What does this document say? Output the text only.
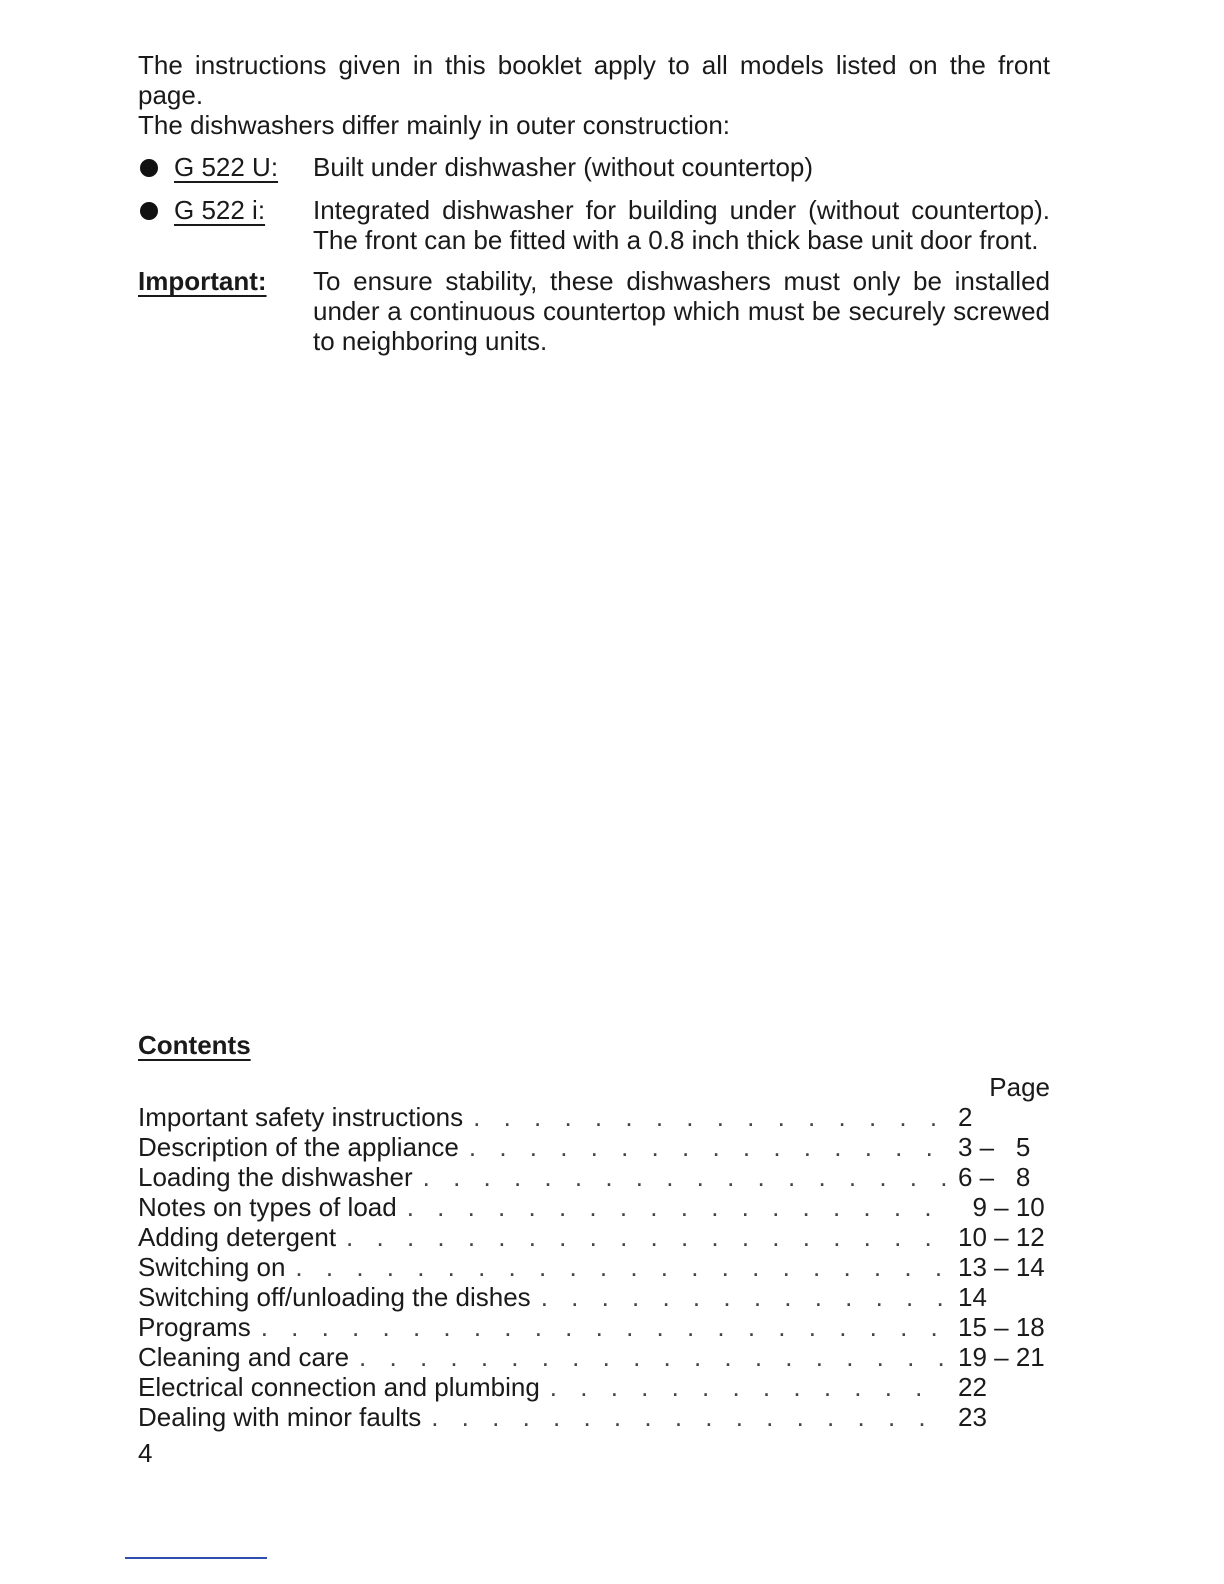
The instructions given in this booklet apply to all models listed on the front page.

The dishwashers differ mainly in outer construction:

G 522 U:	Built under dishwasher (without countertop)
G 522 i:	Integrated dishwasher for building under (without countertop). The front can be fitted with a 0.8 inch thick base unit door front.
Important:	To ensure stability, these dishwashers must only be installed under a continuous countertop which must be securely screwed to neighboring units.
Contents
Page
Important safety instructions . . .	2
Description of the appliance . . .	3 –   5
Loading the dishwasher . . .	6 –   8
Notes on types of load . . .	9 – 10
Adding detergent . . .	10 – 12
Switching on . . .	13 – 14
Switching off/unloading the dishes . . .	14
Programs . . .	15 – 18
Cleaning and care . . .	19 – 21
Electrical connection and plumbing . . .	22
Dealing with minor faults . . .	23
4
